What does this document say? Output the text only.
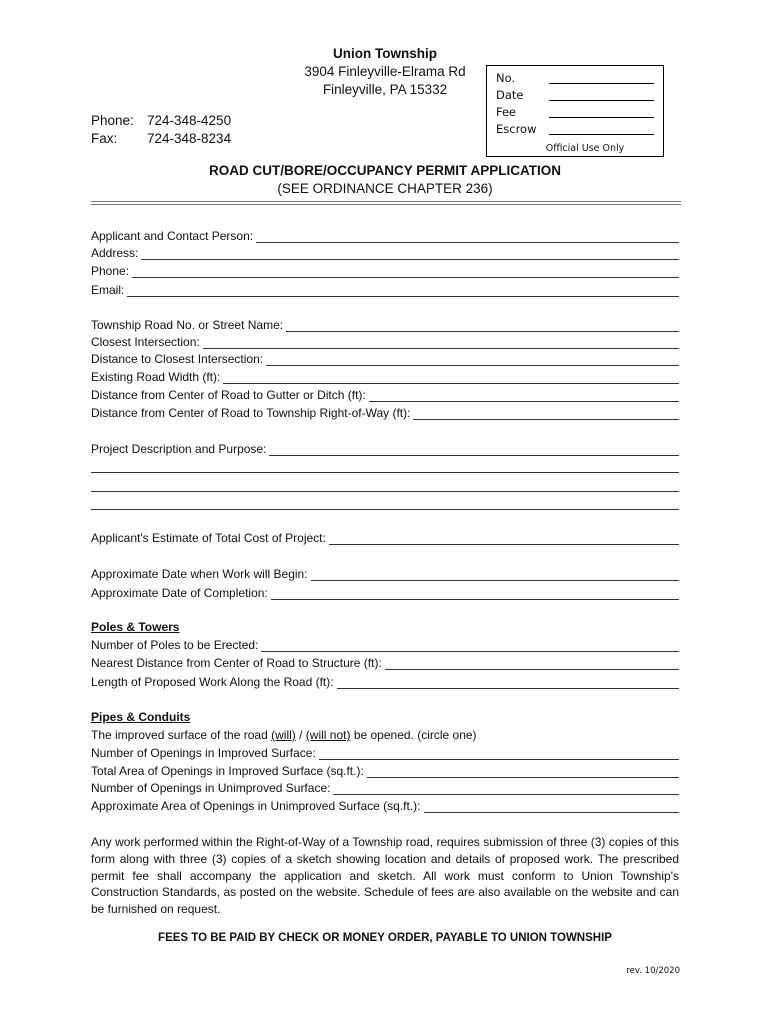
Union Township
3904 Finleyville-Elrama Rd
Finleyville, PA 15332
Phone: 724-348-4250
Fax: 724-348-8234
No.
Date
Fee
Escrow
Official Use Only
ROAD CUT/BORE/OCCUPANCY PERMIT APPLICATION
(SEE ORDINANCE CHAPTER 236)
Applicant and Contact Person:
Address:
Phone:
Email:
Township Road No. or Street Name:
Closest Intersection:
Distance to Closest Intersection:
Existing Road Width (ft):
Distance from Center of Road to Gutter or Ditch (ft):
Distance from Center of Road to Township Right-of-Way (ft):
Project Description and Purpose:
Applicant's Estimate of Total Cost of Project:
Approximate Date when Work will Begin:
Approximate Date of Completion:
Poles & Towers
Number of Poles to be Erected:
Nearest Distance from Center of Road to Structure (ft):
Length of Proposed Work Along the Road (ft):
Pipes & Conduits
The improved surface of the road (will) / (will not) be opened. (circle one)
Number of Openings in Improved Surface:
Total Area of Openings in Improved Surface (sq.ft.):
Number of Openings in Unimproved Surface:
Approximate Area of Openings in Unimproved Surface (sq.ft.):
Any work performed within the Right-of-Way of a Township road, requires submission of three (3) copies of this form along with three (3) copies of a sketch showing location and details of proposed work. The prescribed permit fee shall accompany the application and sketch. All work must conform to Union Township's Construction Standards, as posted on the website. Schedule of fees are also available on the website and can be furnished on request.
FEES TO BE PAID BY CHECK OR MONEY ORDER, PAYABLE TO UNION TOWNSHIP
rev. 10/2020
